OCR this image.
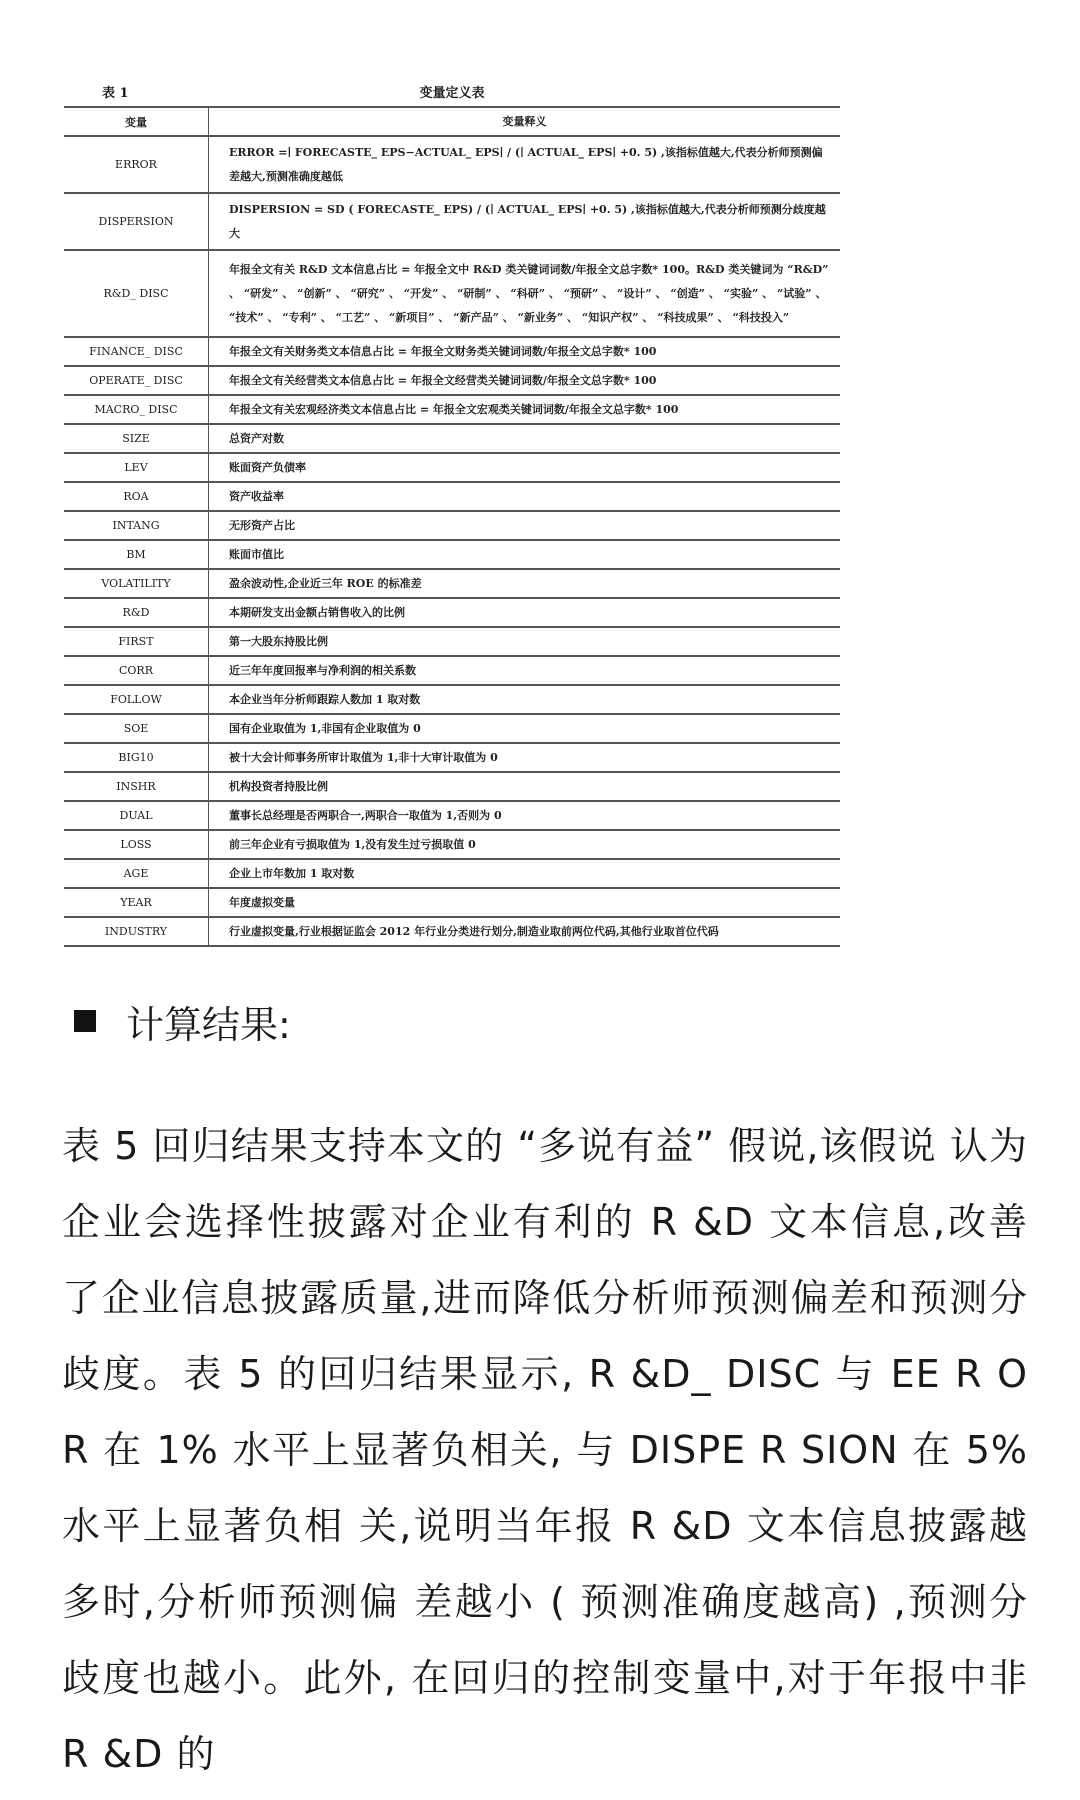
表 1	变量定义表
变量	变量释义
ERROR	ERROR =∣ FORECASTE_ EPS−ACTUAL_ EPS∣ / (∣ ACTUAL_ EPS∣ +0. 5) ,该指标值越大,代表分析师预测偏差越大,预测准确度越低
DISPERSION	DISPERSION = SD ( FORECASTE_ EPS) / (∣ ACTUAL_ EPS∣ +0. 5) ,该指标值越大,代表分析师预测分歧度越大
R&D_ DISC	年报全文有关 R&D 文本信息占比 = 年报全文中 R&D 类关键词词数/年报全文总字数* 100。R&D 类关键词为 “R&D” 、 “研发” 、 “创新” 、 “研究” 、 “开发” 、 “研制” 、 “科研” 、 “预研” 、 “设计” 、 “创造” 、 “实验” 、 “试验” 、 “技术” 、 “专利” 、 “工艺” 、 “新项目” 、 “新产品” 、 “新业务” 、 “知识产权” 、 “科技成果” 、 “科技投入”
FINANCE_ DISC	年报全文有关财务类文本信息占比 = 年报全文财务类关键词词数/年报全文总字数* 100
OPERATE_ DISC	年报全文有关经营类文本信息占比 = 年报全文经营类关键词词数/年报全文总字数* 100
MACRO_ DISC	年报全文有关宏观经济类文本信息占比 = 年报全文宏观类关键词词数/年报全文总字数* 100
SIZE	总资产对数
LEV	账面资产负债率
ROA	资产收益率
INTANG	无形资产占比
BM	账面市值比
VOLATILITY	盈余波动性,企业近三年 ROE 的标准差
R&D	本期研发支出金额占销售收入的比例
FIRST	第一大股东持股比例
CORR	近三年年度回报率与净利润的相关系数
FOLLOW	本企业当年分析师跟踪人数加 1 取对数
SOE	国有企业取值为 1,非国有企业取值为 0
BIG10	被十大会计师事务所审计取值为 1,非十大审计取值为 0
INSHR	机构投资者持股比例
DUAL	董事长总经理是否两职合一,两职合一取值为 1,否则为 0
LOSS	前三年企业有亏损取值为 1,没有发生过亏损取值 0
AGE	企业上市年数加 1 取对数
YEAR	年度虚拟变量
INDUSTRY	行业虚拟变量,行业根据证监会 2012 年行业分类进行划分,制造业取前两位代码,其他行业取首位代码
计算结果:
表 5 回归结果支持本文的 “多说有益” 假说,该假说 认为企业会选择性披露对企业有利的 R &D 文本信息,改善 了企业信息披露质量,进而降低分析师预测偏差和预测分 歧度。表 5 的回归结果显示, R &D_ DISC 与 EE R O R 在 1% 水平上显著负相关, 与 DISPE R SION 在 5%水平上显著负相 关,说明当年报 R &D 文本信息披露越多时,分析师预测偏 差越小 ( 预测准确度越高) ,预测分歧度也越小。此外, 在回归的控制变量中,对于年报中非 R &D 的
